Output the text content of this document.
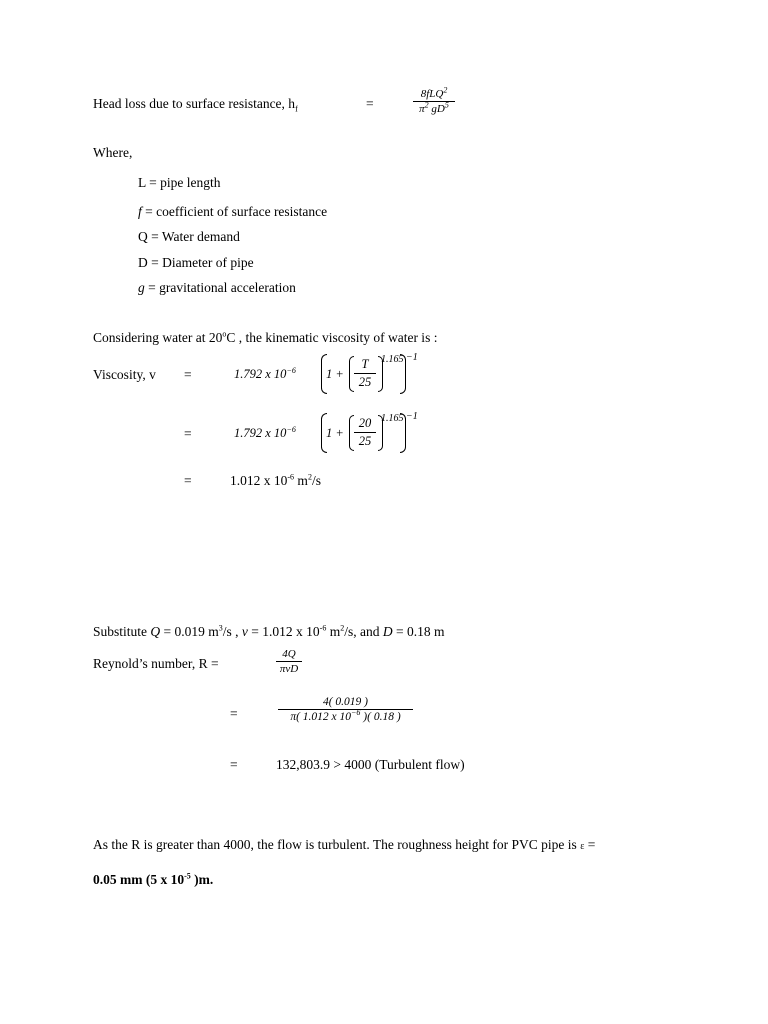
Head loss due to surface resistance, $h_f$	=
8fLQ$^2$
$\pi^2$ $gD^5$
Where,
L = pipe length
f = coefficient of surface resistance
Q = Water demand
D = Diameter of pipe
g = gravitational acceleration
Considering water at 20$^o$C , the kinematic viscosity of water is :
Viscosity, v =	1.792 x $10^{-6}$ 1 +
T
25
1.165 −1
=	1.792 x $10^{-6}$ 1 +
20
25
1.165 −1
=	1.012 x $10^{-6}$ $m^2/s$
Substitute Q = 0.019 $m^3/s$ , v = 1.012 x $10^{-6}$ $m^2/s$, and D = 0.18 m
Reynold’s number, R =
4Q
πvD
=
4( 0.019 )
π( 1.012 x $10^{-6}$ )( 0.18 )
=	132,803.9 > 4000 (Turbulent flow)
As the R is greater than 4000, the flow is turbulent. The roughness height for PVC pipe is ε =
0.05 mm (5 x $10^{-5}$ )m.
